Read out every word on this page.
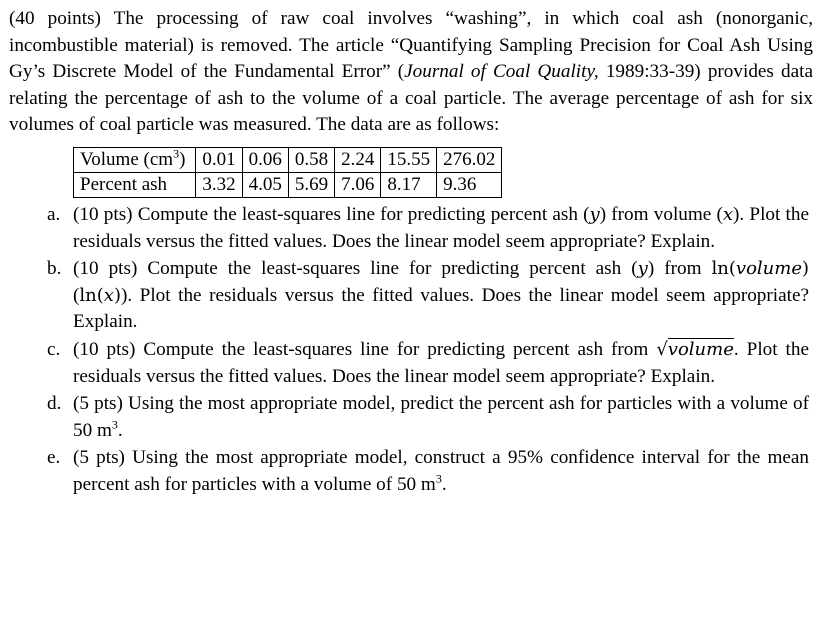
(40 points) The processing of raw coal involves “washing”, in which coal ash (nonorganic, incombustible material) is removed. The article “Quantifying Sampling Precision for Coal Ash Using Gy’s Discrete Model of the Fundamental Error” (Journal of Coal Quality, 1989:33-39) provides data relating the percentage of ash to the volume of a coal particle. The average percentage of ash for six volumes of coal particle was measured. The data are as follows:

Volume $(cm^3)$	0.01	0.06	0.58	2.24	15.55	276.02
Percent ash	3.32	4.05	5.69	7.06	8.17	9.36
a. (10 pts) Compute the least-squares line for predicting percent ash (y) from volume (x). Plot the residuals versus the fitted values. Does the linear model seem appropriate? Explain.
b. (10 pts) Compute the least-squares line for predicting percent ash (y) from ln(volume) (ln(x)). Plot the residuals versus the fitted values. Does the linear model seem appropriate? Explain.
c. (10 pts) Compute the least-squares line for predicting percent ash from √volume. Plot the residuals versus the fitted values. Does the linear model seem appropriate? Explain.
d. (5 pts) Using the most appropriate model, predict the percent ash for particles with a volume of 50 $m^3$.
e. (5 pts) Using the most appropriate model, construct a 95% confidence interval for the mean percent ash for particles with a volume of 50 $m^3$.
